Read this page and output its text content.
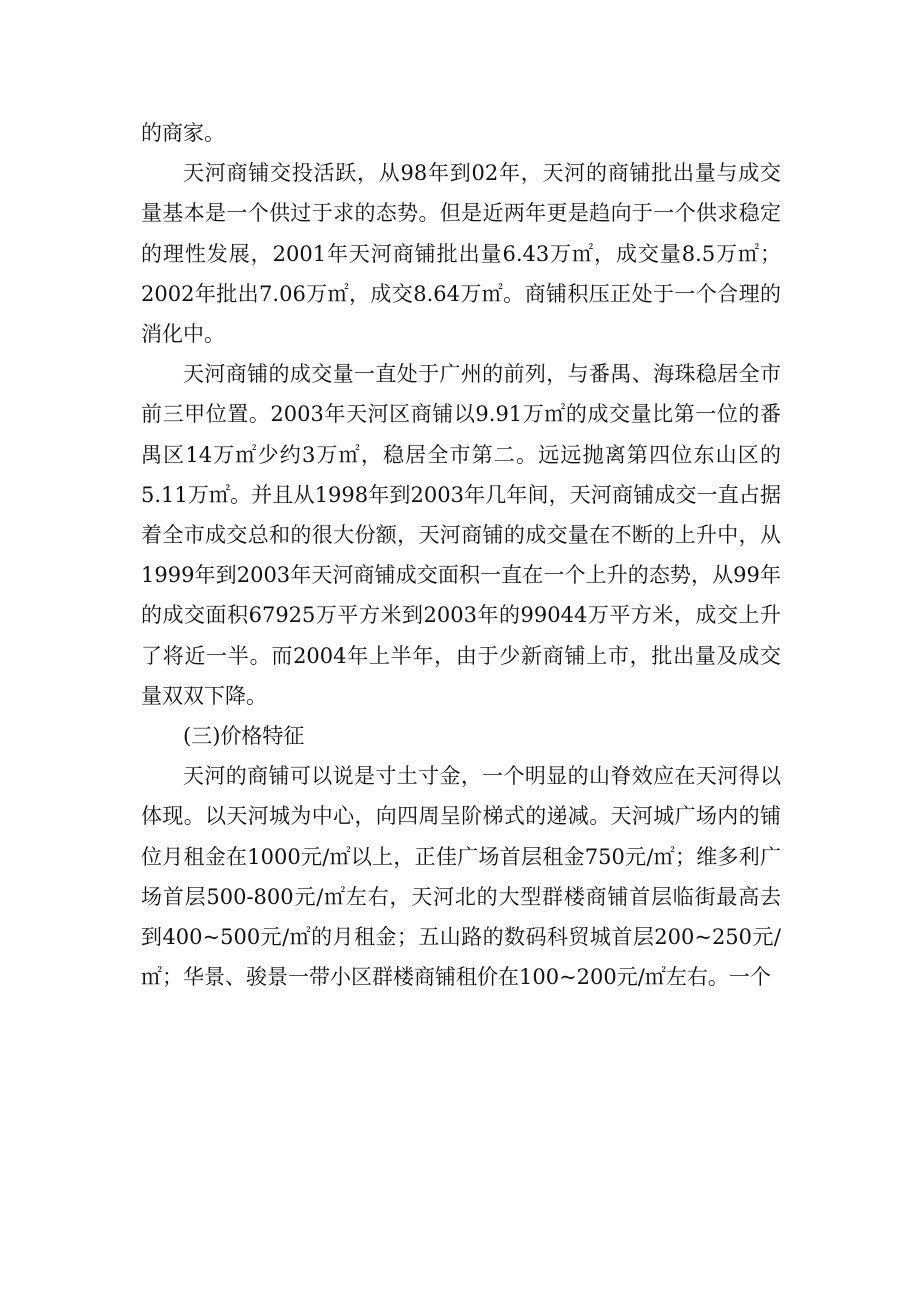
的商家。

天河商铺交投活跃，从98年到02年，天河的商铺批出量与成交量基本是一个供过于求的态势。但是近两年更是趋向于一个供求稳定的理性发展，2001年天河商铺批出量6.43万㎡，成交量8.5万㎡；2002年批出7.06万㎡，成交8.64万㎡。商铺积压正处于一个合理的消化中。

天河商铺的成交量一直处于广州的前列，与番禺、海珠稳居全市前三甲位置。2003年天河区商铺以9.91万㎡的成交量比第一位的番禺区14万㎡少约3万㎡，稳居全市第二。远远抛离第四位东山区的5.11万㎡。并且从1998年到2003年几年间，天河商铺成交一直占据着全市成交总和的很大份额，天河商铺的成交量在不断的上升中，从1999年到2003年天河商铺成交面积一直在一个上升的态势，从99年的成交面积67925万平方米到2003年的99044万平方米，成交上升了将近一半。而2004年上半年，由于少新商铺上市，批出量及成交量双双下降。

(三)价格特征

天河的商铺可以说是寸土寸金，一个明显的山脊效应在天河得以体现。以天河城为中心，向四周呈阶梯式的递减。天河城广场内的铺位月租金在1000元/㎡以上，正佳广场首层租金750元/㎡；维多利广场首层500-800元/㎡左右，天河北的大型群楼商铺首层临街最高去到400~500元/㎡的月租金；五山路的数码科贸城首层200~250元/㎡；华景、骏景一带小区群楼商铺租价在100~200元/㎡左右。一个
